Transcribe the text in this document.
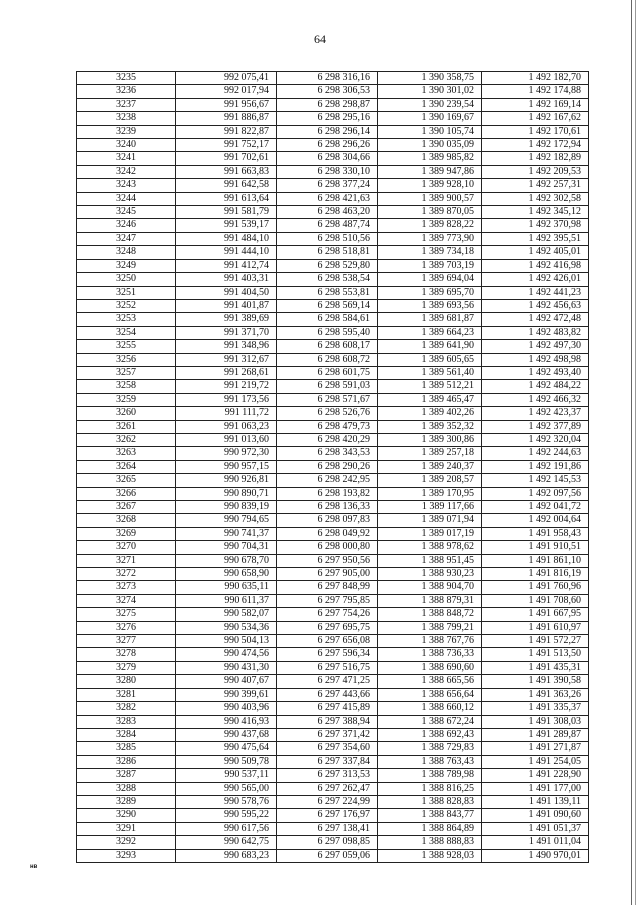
64
3235	992 075,41	6 298 316,16	1 390 358,75	1 492 182,70
3236	992 017,94	6 298 306,53	1 390 301,02	1 492 174,88
3237	991 956,67	6 298 298,87	1 390 239,54	1 492 169,14
3238	991 886,87	6 298 295,16	1 390 169,67	1 492 167,62
3239	991 822,87	6 298 296,14	1 390 105,74	1 492 170,61
3240	991 752,17	6 298 296,26	1 390 035,09	1 492 172,94
3241	991 702,61	6 298 304,66	1 389 985,82	1 492 182,89
3242	991 663,83	6 298 330,10	1 389 947,86	1 492 209,53
3243	991 642,58	6 298 377,24	1 389 928,10	1 492 257,31
3244	991 613,64	6 298 421,63	1 389 900,57	1 492 302,58
3245	991 581,79	6 298 463,20	1 389 870,05	1 492 345,12
3246	991 539,17	6 298 487,74	1 389 828,22	1 492 370,98
3247	991 484,10	6 298 510,56	1 389 773,90	1 492 395,51
3248	991 444,10	6 298 518,81	1 389 734,18	1 492 405,01
3249	991 412,74	6 298 529,80	1 389 703,19	1 492 416,98
3250	991 403,31	6 298 538,54	1 389 694,04	1 492 426,01
3251	991 404,50	6 298 553,81	1 389 695,70	1 492 441,23
3252	991 401,87	6 298 569,14	1 389 693,56	1 492 456,63
3253	991 389,69	6 298 584,61	1 389 681,87	1 492 472,48
3254	991 371,70	6 298 595,40	1 389 664,23	1 492 483,82
3255	991 348,96	6 298 608,17	1 389 641,90	1 492 497,30
3256	991 312,67	6 298 608,72	1 389 605,65	1 492 498,98
3257	991 268,61	6 298 601,75	1 389 561,40	1 492 493,40
3258	991 219,72	6 298 591,03	1 389 512,21	1 492 484,22
3259	991 173,56	6 298 571,67	1 389 465,47	1 492 466,32
3260	991 111,72	6 298 526,76	1 389 402,26	1 492 423,37
3261	991 063,23	6 298 479,73	1 389 352,32	1 492 377,89
3262	991 013,60	6 298 420,29	1 389 300,86	1 492 320,04
3263	990 972,30	6 298 343,53	1 389 257,18	1 492 244,63
3264	990 957,15	6 298 290,26	1 389 240,37	1 492 191,86
3265	990 926,81	6 298 242,95	1 389 208,57	1 492 145,53
3266	990 890,71	6 298 193,82	1 389 170,95	1 492 097,56
3267	990 839,19	6 298 136,33	1 389 117,66	1 492 041,72
3268	990 794,65	6 298 097,83	1 389 071,94	1 492 004,64
3269	990 741,37	6 298 049,92	1 389 017,19	1 491 958,43
3270	990 704,31	6 298 000,80	1 388 978,62	1 491 910,51
3271	990 678,70	6 297 950,56	1 388 951,45	1 491 861,10
3272	990 658,90	6 297 905,00	1 388 930,23	1 491 816,19
3273	990 635,11	6 297 848,99	1 388 904,70	1 491 760,96
3274	990 611,37	6 297 795,85	1 388 879,31	1 491 708,60
3275	990 582,07	6 297 754,26	1 388 848,72	1 491 667,95
3276	990 534,36	6 297 695,75	1 388 799,21	1 491 610,97
3277	990 504,13	6 297 656,08	1 388 767,76	1 491 572,27
3278	990 474,56	6 297 596,34	1 388 736,33	1 491 513,50
3279	990 431,30	6 297 516,75	1 388 690,60	1 491 435,31
3280	990 407,67	6 297 471,25	1 388 665,56	1 491 390,58
3281	990 399,61	6 297 443,66	1 388 656,64	1 491 363,26
3282	990 403,96	6 297 415,89	1 388 660,12	1 491 335,37
3283	990 416,93	6 297 388,94	1 388 672,24	1 491 308,03
3284	990 437,68	6 297 371,42	1 388 692,43	1 491 289,87
3285	990 475,64	6 297 354,60	1 388 729,83	1 491 271,87
3286	990 509,78	6 297 337,84	1 388 763,43	1 491 254,05
3287	990 537,11	6 297 313,53	1 388 789,98	1 491 228,90
3288	990 565,00	6 297 262,47	1 388 816,25	1 491 177,00
3289	990 578,76	6 297 224,99	1 388 828,83	1 491 139,11
3290	990 595,22	6 297 176,97	1 388 843,77	1 491 090,60
3291	990 617,56	6 297 138,41	1 388 864,89	1 491 051,37
3292	990 642,75	6 297 098,85	1 388 888,83	1 491 011,04
3293	990 683,23	6 297 059,06	1 388 928,03	1 490 970,01
нв
